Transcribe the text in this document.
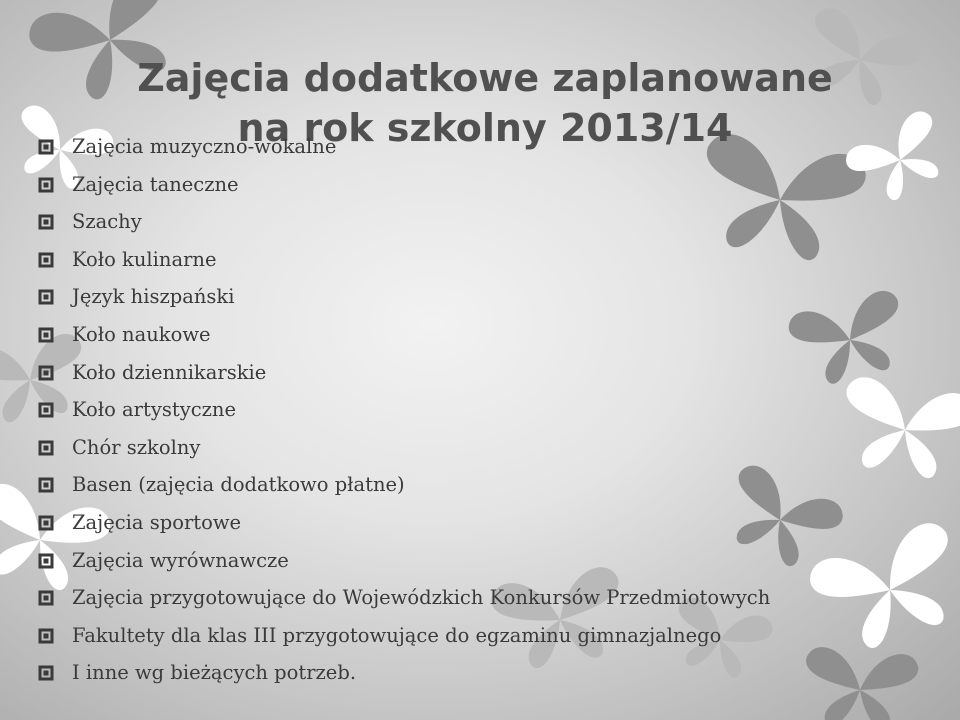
Zajęcia dodatkowe zaplanowane
na rok szkolny 2013/14
Zajęcia muzyczno-wokalne
Zajęcia taneczne
Szachy
Koło kulinarne
Język hiszpański
Koło naukowe
Koło dziennikarskie
Koło artystyczne
Chór szkolny
Basen (zajęcia dodatkowo płatne)
Zajęcia sportowe
Zajęcia wyrównawcze
Zajęcia przygotowujące do Wojewódzkich Konkursów Przedmiotowych
Fakultety dla klas III przygotowujące do egzaminu gimnazjalnego
I inne wg bieżących potrzeb.
